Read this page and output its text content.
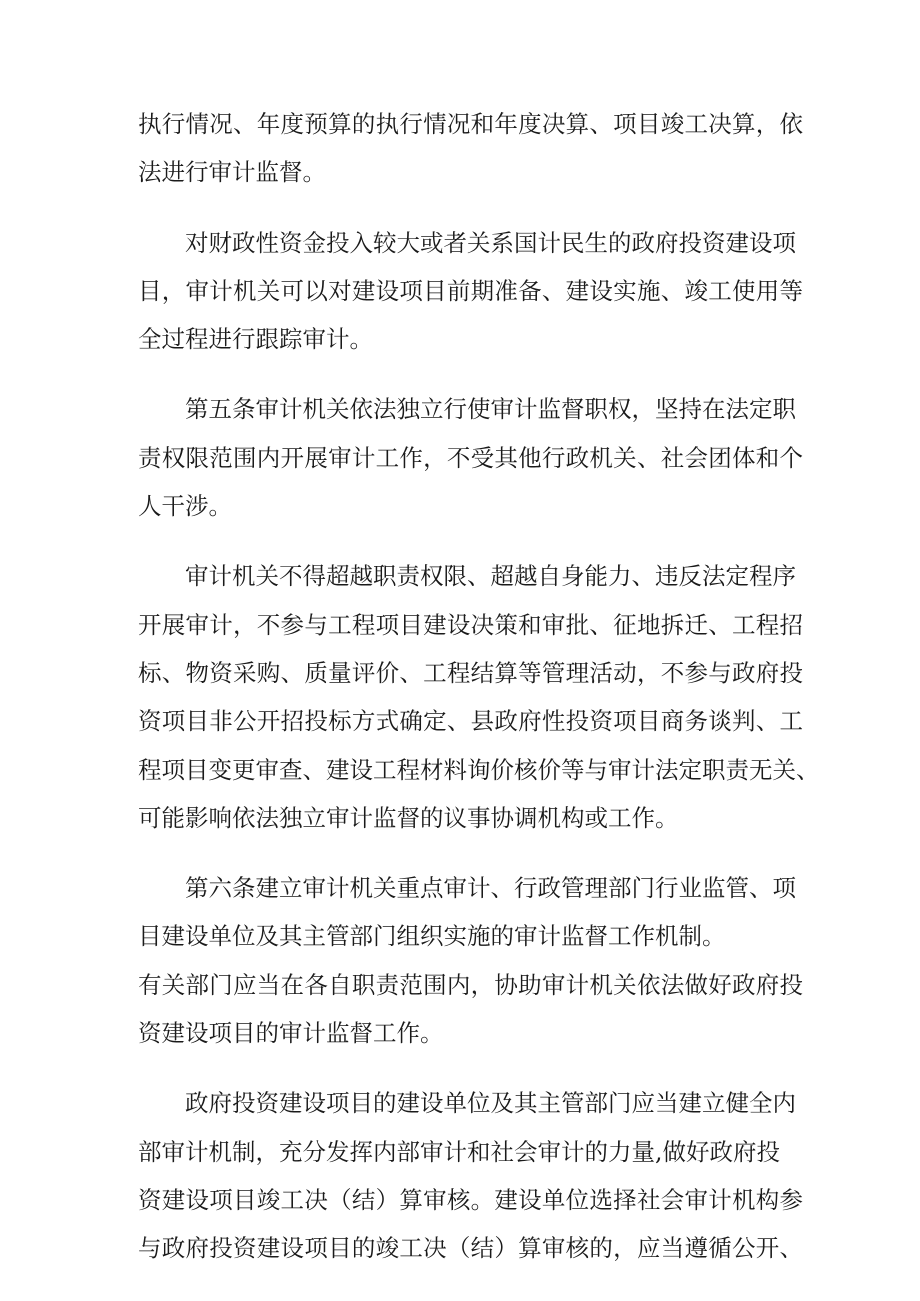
执行情况、年度预算的执行情况和年度决算、项目竣工决算，依
法进行审计监督。
对财政性资金投入较大或者关系国计民生的政府投资建设项
目，审计机关可以对建设项目前期准备、建设实施、竣工使用等
全过程进行跟踪审计。
第五条审计机关依法独立行使审计监督职权，坚持在法定职
责权限范围内开展审计工作，不受其他行政机关、社会团体和个
人干涉。
审计机关不得超越职责权限、超越自身能力、违反法定程序
开展审计，不参与工程项目建设决策和审批、征地拆迁、工程招
标、物资采购、质量评价、工程结算等管理活动，不参与政府投
资项目非公开招投标方式确定、县政府性投资项目商务谈判、工
程项目变更审查、建设工程材料询价核价等与审计法定职责无关、
可能影响依法独立审计监督的议事协调机构或工作。
第六条建立审计机关重点审计、行政管理部门行业监管、项
目建设单位及其主管部门组织实施的审计监督工作机制。
有关部门应当在各自职责范围内，协助审计机关依法做好政府投
资建设项目的审计监督工作。
政府投资建设项目的建设单位及其主管部门应当建立健全内
部审计机制，充分发挥内部审计和社会审计的力量,做好政府投
资建设项目竣工决（结）算审核。建设单位选择社会审计机构参
与政府投资建设项目的竣工决（结）算审核的，应当遵循公开、
